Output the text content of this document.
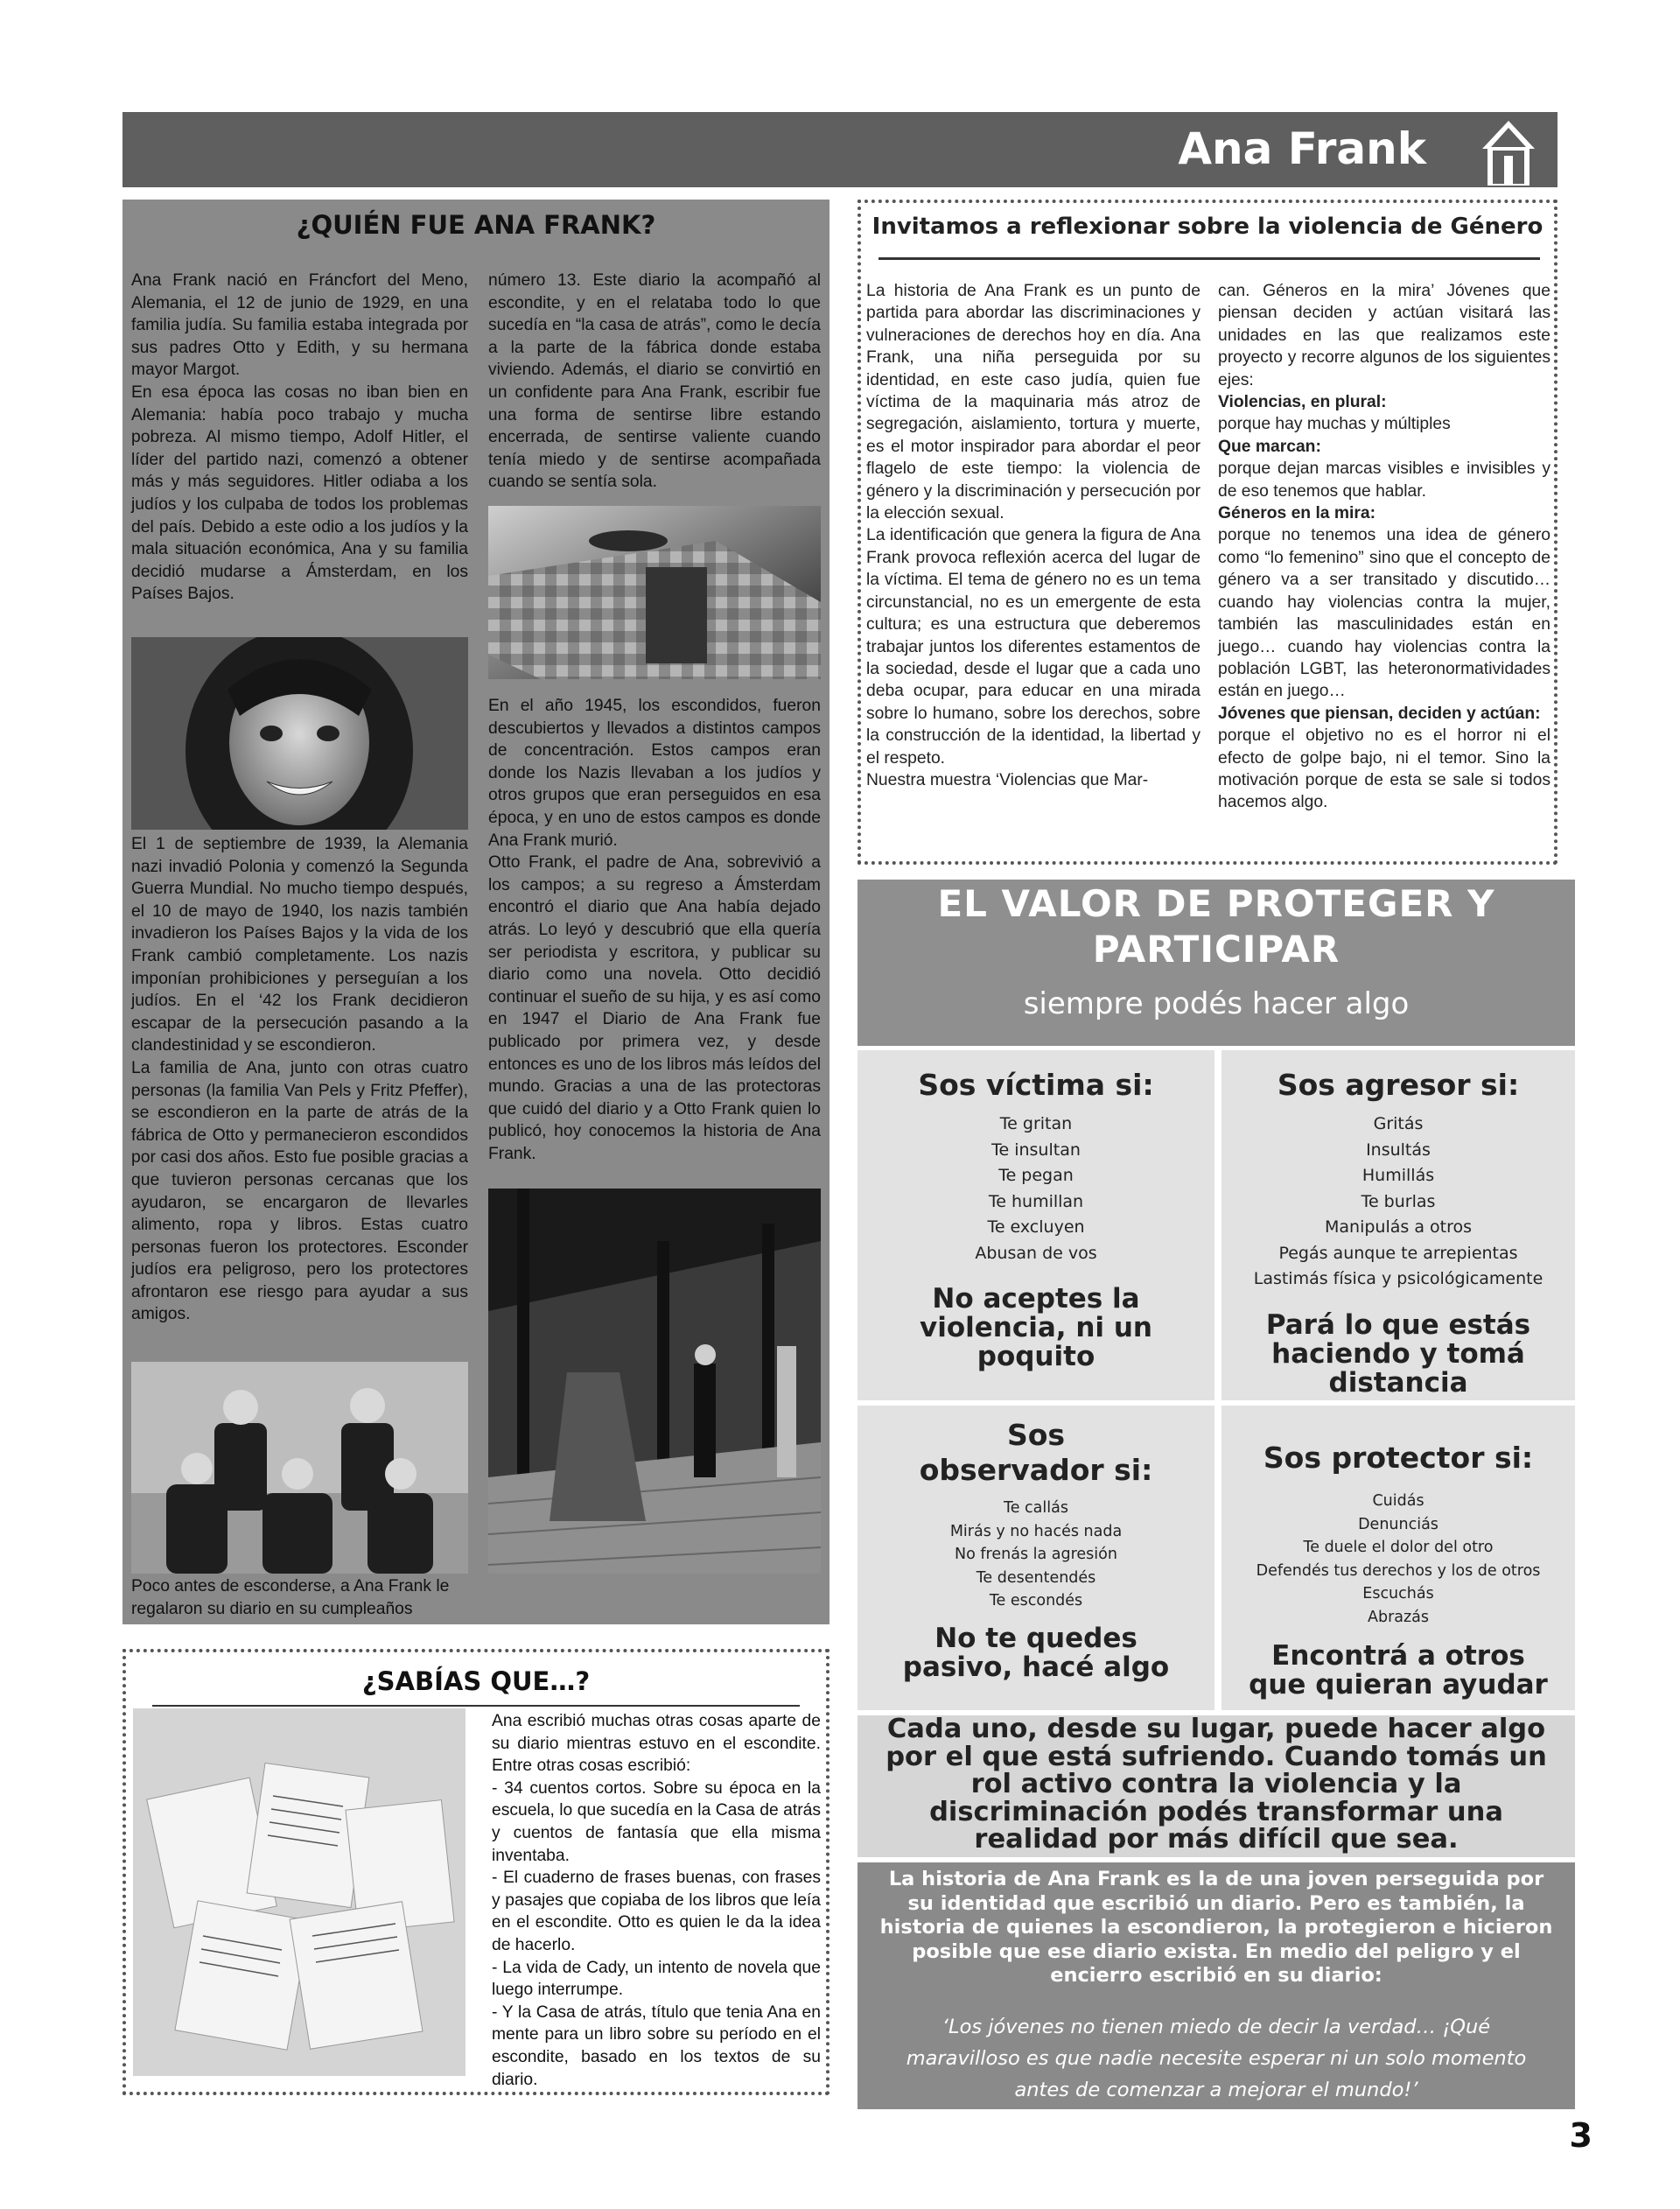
Ana Frank
¿QUIÉN FUE ANA FRANK?

Ana Frank nació en Fráncfort del Meno, Alemania, el 12 de junio de 1929, en una familia judía. Su familia estaba integrada por sus padres Otto y Edith, y su hermana mayor Margot.

En esa época las cosas no iban bien en Alemania: había poco trabajo y mucha pobreza. Al mismo tiempo, Adolf Hitler, el líder del partido nazi, comenzó a obtener más y más seguidores. Hitler odiaba a los judíos y los culpaba de todos los problemas del país. Debido a este odio a los judíos y la mala situación económica, Ana y su familia decidió mudarse a Ámsterdam, en los Países Bajos.

El 1 de septiembre de 1939, la Alemania nazi invadió Polonia y comenzó la Segunda Guerra Mundial. No mucho tiempo después, el 10 de mayo de 1940, los nazis también invadieron los Países Bajos y la vida de los Frank cambió completamente. Los nazis imponían prohibiciones y perseguían a los judíos. En el ‘42 los Frank decidieron escapar de la persecución pasando a la clandestinidad y se escondieron.

La familia de Ana, junto con otras cuatro personas (la familia Van Pels y Fritz Pfeffer), se escondieron en la parte de atrás de la fábrica de Otto y permanecieron escondidos por casi dos años. Esto fue posible gracias a que tuvieron personas cercanas que los ayudaron, se encargaron de llevarles alimento, ropa y libros. Estas cuatro personas fueron los protectores. Esconder judíos era peligroso, pero los protectores afrontaron ese riesgo para ayudar a sus amigos.

Poco antes de esconderse, a Ana Frank le regalaron su diario en su cumpleaños

número 13. Este diario la acompañó al escondite, y en el relataba todo lo que sucedía en “la casa de atrás”, como le decía a la parte de la fábrica donde estaba viviendo. Además, el diario se convirtió en un confidente para Ana Frank, escribir fue una forma de sentirse libre estando encerrada, de sentirse valiente cuando tenía miedo y de sentirse acompañada cuando se sentía sola.

En el año 1945, los escondidos, fueron descubiertos y llevados a distintos campos de concentración. Estos campos eran donde los Nazis llevaban a los judíos y otros grupos que eran perseguidos en esa época, y en uno de estos campos es donde Ana Frank murió.

Otto Frank, el padre de Ana, sobrevivió a los campos; a su regreso a Ámsterdam encontró el diario que Ana había dejado atrás. Lo leyó y descubrió que ella quería ser periodista y escritora, y publicar su diario como una novela. Otto decidió continuar el sueño de su hija, y es así como en 1947 el Diario de Ana Frank fue publicado por primera vez, y desde entonces es uno de los libros más leídos del mundo. Gracias a una de las protectoras que cuidó del diario y a Otto Frank quien lo publicó, hoy conocemos la historia de Ana Frank.

¿SABÍAS QUE…?

Ana escribió muchas otras cosas aparte de su diario mientras estuvo en el escondite. Entre otras cosas escribió:

- 34 cuentos cortos. Sobre su época en la escuela, lo que sucedía en la Casa de atrás y cuentos de fantasía que ella misma inventaba.

- El cuaderno de frases buenas, con frases y pasajes que copiaba de los libros que leía en el escondite. Otto es quien le da la idea de hacerlo.

- La vida de Cady, un intento de novela que luego interrumpe.

- Y la Casa de atrás, título que tenia Ana en mente para un libro sobre su período en el escondite, basado en los textos de su diario.

Invitamos a reflexionar sobre la violencia de Género

La historia de Ana Frank es un punto de partida para abordar las discriminaciones y vulneraciones de derechos hoy en día. Ana Frank, una niña perseguida por su identidad, en este caso judía, quien fue víctima de la maquinaria más atroz de segregación, aislamiento, tortura y muerte, es el motor inspirador para abordar el peor flagelo de este tiempo: la violencia de género y la discriminación y persecución por la elección sexual.

La identificación que genera la figura de Ana Frank provoca reflexión acerca del lugar de la víctima. El tema de género no es un tema circunstancial, no es un emergente de esta cultura; es una estructura que deberemos trabajar juntos los diferentes estamentos de la sociedad, desde el lugar que a cada uno deba ocupar, para educar en una mirada sobre lo humano, sobre los derechos, sobre la construcción de la identidad, la libertad y el respeto.

Nuestra muestra ‘Violencias que Mar-

can. Géneros en la mira’ Jóvenes que piensan deciden y actúan visitará las unidades en las que realizamos este proyecto y recorre algunos de los siguientes ejes:

Violencias, en plural:

porque hay muchas y múltiples

Que marcan:

porque dejan marcas visibles e invisibles y de eso tenemos que hablar.

Géneros en la mira:

porque no tenemos una idea de género como “lo femenino” sino que el concepto de género va a ser transitado y discutido… cuando hay violencias contra la mujer, también las masculinidades están en juego… cuando hay violencias contra la población LGBT, las heteronormatividades están en juego…

Jóvenes que piensan, deciden y actúan:

porque el objetivo no es el horror ni el efecto de golpe bajo, ni el temor. Sino la motivación porque de esta se sale si todos hacemos algo.

EL VALOR DE PROTEGER Y PARTICIPAR
siempre podés hacer algo
Sos víctima si:
Te gritan
Te insultan
Te pegan
Te humillan
Te excluyen
Abusan de vos
No aceptes la violencia, ni un poquito
Sos agresor si:
Gritás
Insultás
Humillás
Te burlas
Manipulás a otros
Pegás aunque te arrepientas
Lastimás física y psicológicamente
Pará lo que estás haciendo y tomá distancia
Sos observador si:
Te callás
Mirás y no hacés nada
No frenás la agresión
Te desentendés
Te escondés
No te quedes pasivo, hacé algo
Sos protector si:
Cuidás
Denunciás
Te duele el dolor del otro
Defendés tus derechos y los de otros
Escuchás
Abrazás
Encontrá a otros que quieran ayudar
Cada uno, desde su lugar, puede hacer algo por el que está sufriendo. Cuando tomás un rol activo contra la violencia y la discriminación podés transformar una realidad por más difícil que sea.
La historia de Ana Frank es la de una joven perseguida por su identidad que escribió un diario. Pero es también, la historia de quienes la escondieron, la protegieron e hicieron posible que ese diario exista. En medio del peligro y el encierro escribió en su diario:
‘Los jóvenes no tienen miedo de decir la verdad… ¡Qué maravilloso es que nadie necesite esperar ni un solo momento antes de comenzar a mejorar el mundo!’
3
